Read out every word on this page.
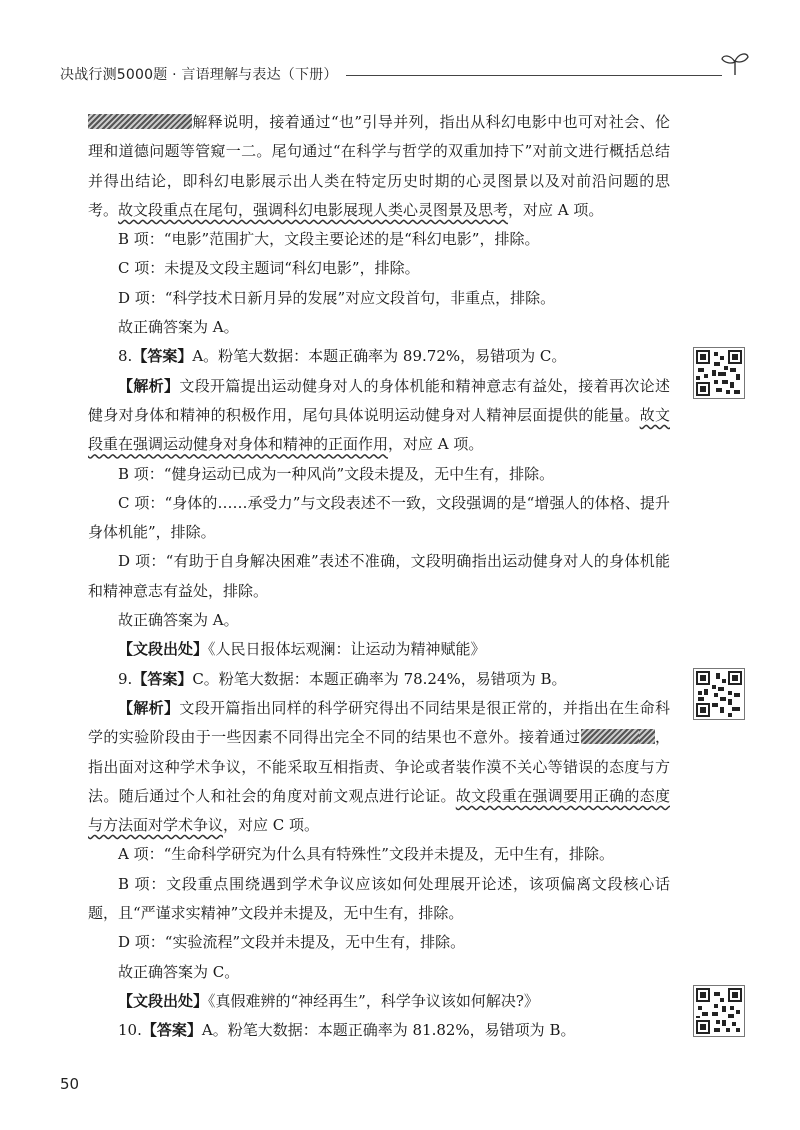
决战行测5000题 · 言语理解与表达（下册）

解释说明，接着通过“也”引导并列，指出从科幻电影中也可对社会、伦理和道德问题等管窥一二。尾句通过“在科学与哲学的双重加持下”对前文进行概括总结并得出结论，即科幻电影展示出人类在特定历史时期的心灵图景以及对前沿问题的思考。故文段重点在尾句，强调科幻电影展现人类心灵图景及思考，对应 A 项。

B 项：“电影”范围扩大，文段主要论述的是“科幻电影”，排除。

C 项：未提及文段主题词“科幻电影”，排除。

D 项：“科学技术日新月异的发展”对应文段首句，非重点，排除。

故正确答案为 A。

8.【答案】A。粉笔大数据：本题正确率为 89.72%，易错项为 C。

【解析】文段开篇提出运动健身对人的身体机能和精神意志有益处，接着再次论述健身对身体和精神的积极作用，尾句具体说明运动健身对人精神层面提供的能量。故文段重在强调运动健身对身体和精神的正面作用，对应 A 项。

B 项：“健身运动已成为一种风尚”文段未提及，无中生有，排除。

C 项：“身体的……承受力”与文段表述不一致，文段强调的是“增强人的体格、提升身体机能”，排除。

D 项：“有助于自身解决困难”表述不准确，文段明确指出运动健身对人的身体机能和精神意志有益处，排除。

故正确答案为 A。

【文段出处】《人民日报体坛观澜：让运动为精神赋能》

9.【答案】C。粉笔大数据：本题正确率为 78.24%，易错项为 B。

【解析】文段开篇指出同样的科学研究得出不同结果是很正常的，并指出在生命科学的实验阶段由于一些因素不同得出完全不同的结果也不意外。接着通过	，指出面对这种学术争议，不能采取互相指责、争论或者装作漠不关心等错误的态度与方法。随后通过个人和社会的角度对前文观点进行论证。故文段重在强调要用正确的态度与方法面对学术争议，对应 C 项。

A 项：“生命科学研究为什么具有特殊性”文段并未提及，无中生有，排除。

B 项：文段重点围绕遇到学术争议应该如何处理展开论述，该项偏离文段核心话题，且“严谨求实精神”文段并未提及，无中生有，排除。

D 项：“实验流程”文段并未提及，无中生有，排除。

故正确答案为 C。

【文段出处】《真假难辨的“神经再生”，科学争议该如何解决?》

10.【答案】A。粉笔大数据：本题正确率为 81.82%，易错项为 B。

50
